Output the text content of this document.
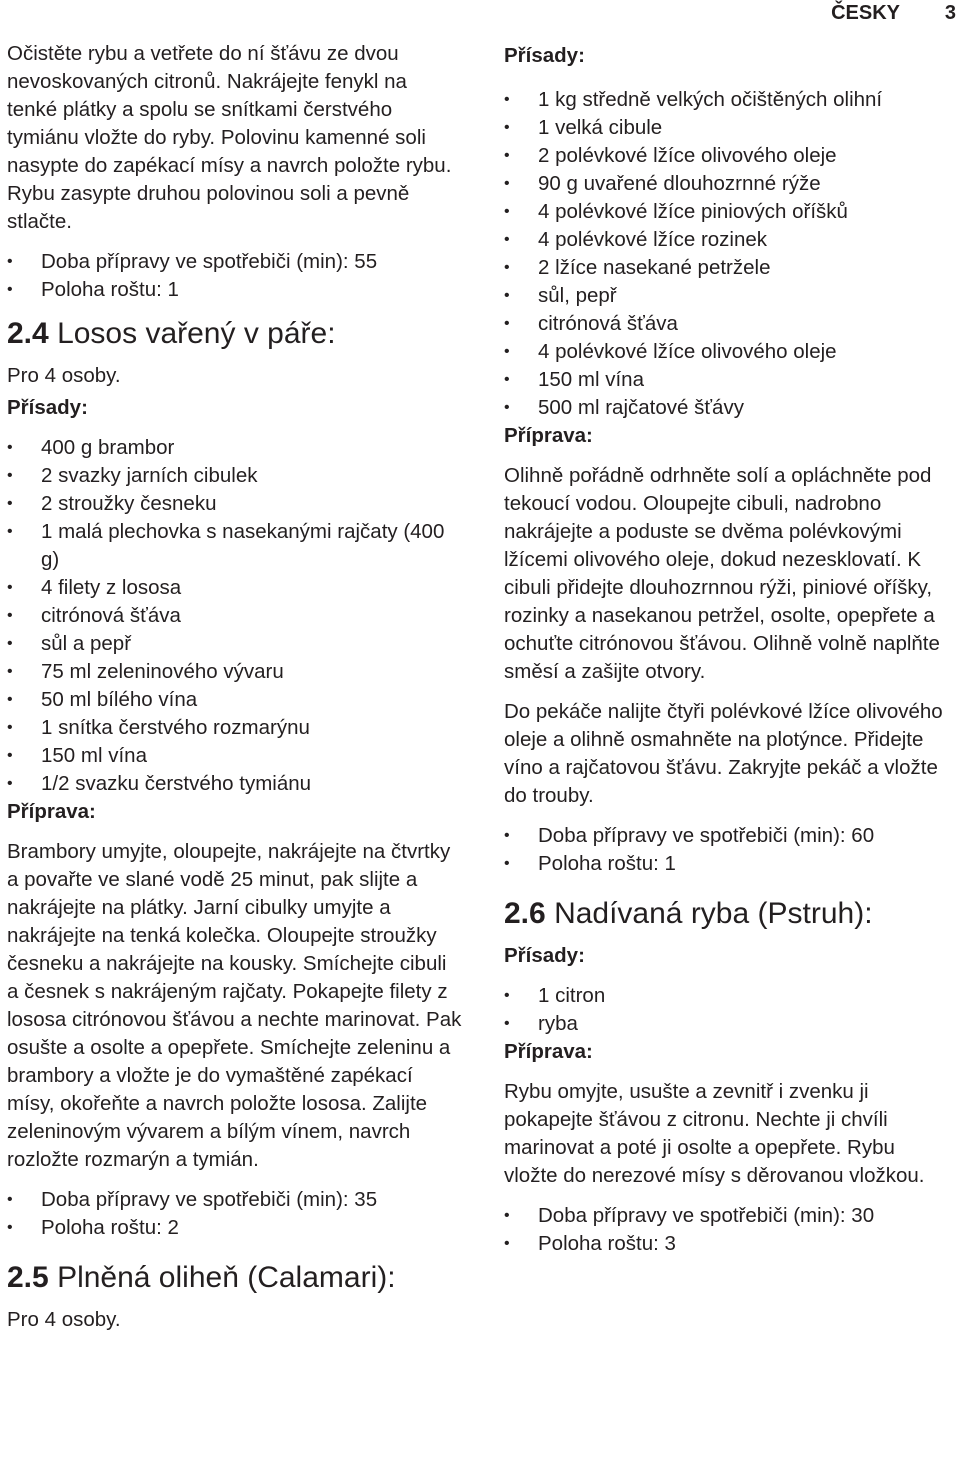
ČESKY 3

Očistěte rybu a vetřete do ní šťávu ze dvou nevoskovaných citronů. Nakrájejte fenykl na tenké plátky a spolu se snítkami čerstvého tymiánu vložte do ryby. Polovinu kamenné soli nasypte do zapékací mísy a navrch položte rybu. Rybu zasypte druhou polovinou soli a pevně stlačte.

• Doba přípravy ve spotřebiči (min): 55
• Poloha roštu: 1
2.4 Losos vařený v páře:

Pro 4 osoby.

Přísady:

• 400 g brambor
• 2 svazky jarních cibulek
• 2 stroužky česneku
• 1 malá plechovka s nasekanými rajčaty (400 g)
• 4 filety z lososa
• citrónová šťáva
• sůl a pepř
• 75 ml zeleninového vývaru
• 50 ml bílého vína
• 1 snítka čerstvého rozmarýnu
• 150 ml vína
• 1/2 svazku čerstvého tymiánu

Příprava:

Brambory umyjte, oloupejte, nakrájejte na čtvrtky a povařte ve slané vodě 25 minut, pak slijte a nakrájejte na plátky. Jarní cibulky umyjte a nakrájejte na tenká kolečka. Oloupejte stroužky česneku a nakrájejte na kousky. Smíchejte cibuli a česnek s nakrájeným rajčaty. Pokapejte filety z lososa citrónovou šťávou a nechte marinovat. Pak osušte a osolte a opepřete. Smíchejte zeleninu a brambory a vložte je do vymaštěné zapékací mísy, okořeňte a navrch položte lososa. Zalijte zeleninovým vývarem a bílým vínem, navrch rozložte rozmarýn a tymián.

• Doba přípravy ve spotřebiči (min): 35
• Poloha roštu: 2
2.5 Plněná oliheň (Calamari):

Pro 4 osoby.

Přísady:

• 1 kg středně velkých očištěných olihní
• 1 velká cibule
• 2 polévkové lžíce olivového oleje
• 90 g uvařené dlouhozrnné rýže
• 4 polévkové lžíce piniových oříšků
• 4 polévkové lžíce rozinek
• 2 lžíce nasekané petržele
• sůl, pepř
• citrónová šťáva
• 4 polévkové lžíce olivového oleje
• 150 ml vína
• 500 ml rajčatové šťávy

Příprava:

Olihně pořádně odrhněte solí a opláchněte pod tekoucí vodou. Oloupejte cibuli, nadrobno nakrájejte a poduste se dvěma polévkovými lžícemi olivového oleje, dokud nezesklovatí. K cibuli přidejte dlouhozrnnou rýži, piniové oříšky, rozinky a nasekanou petržel, osolte, opepřete a ochuťte citrónovou šťávou. Olihně volně naplňte směsí a zašijte otvory.

Do pekáče nalijte čtyři polévkové lžíce olivového oleje a olihně osmahněte na plotýnce. Přidejte víno a rajčatovou šťávu. Zakryjte pekáč a vložte do trouby.

• Doba přípravy ve spotřebiči (min): 60
• Poloha roštu: 1
2.6 Nadívaná ryba (Pstruh):

Přísady:

• 1 citron
• ryba

Příprava:

Rybu omyjte, usušte a zevnitř i zvenku ji pokapejte šťávou z citronu. Nechte ji chvíli marinovat a poté ji osolte a opepřete. Rybu vložte do nerezové mísy s děrovanou vložkou.

• Doba přípravy ve spotřebiči (min): 30
• Poloha roštu: 3
